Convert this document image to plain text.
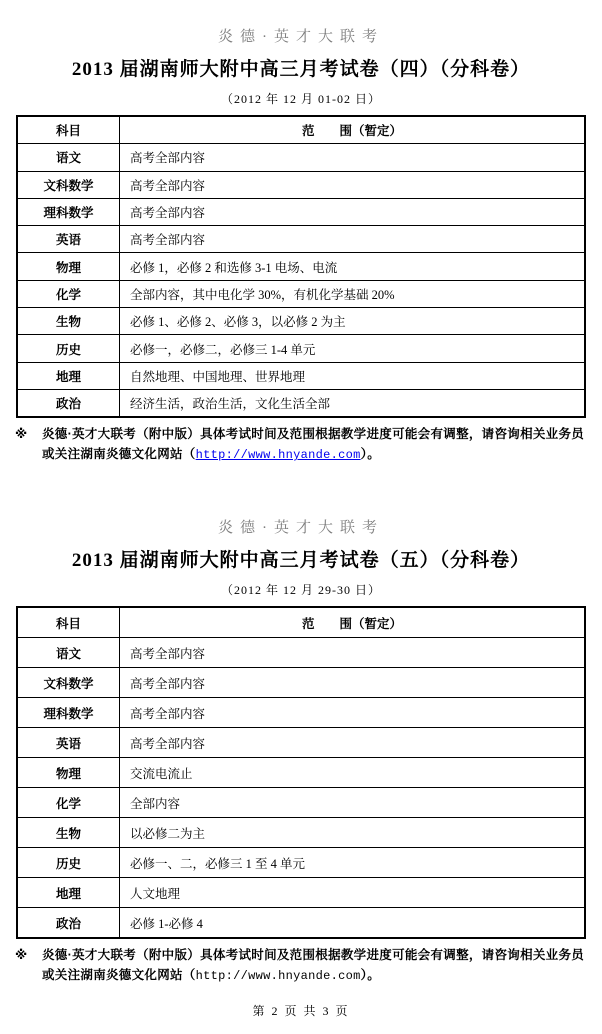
炎德·英才大联考
2013 届湖南师大附中高三月考试卷（四）（分科卷）
（2012 年 12 月 01-02 日）
科目	范　　围（暂定）
语文	高考全部内容
文科数学	高考全部内容
理科数学	高考全部内容
英语	高考全部内容
物理	必修 1，必修 2 和选修 3-1 电场、电流
化学	全部内容，其中电化学 30%，有机化学基础 20%
生物	必修 1、必修 2、必修 3，以必修 2 为主
历史	必修一，必修二，必修三 1-4 单元
地理	自然地理、中国地理、世界地理
政治	经济生活，政治生活，文化生活全部
※ 炎德·英才大联考（附中版）具体考试时间及范围根据教学进度可能会有调整，请咨询相关业务员或关注湖南炎德文化网站（http://www.hnyande.com）。
炎德·英才大联考
2013 届湖南师大附中高三月考试卷（五）（分科卷）
（2012 年 12 月 29-30 日）
科目	范　　围（暂定）
语文	高考全部内容
文科数学	高考全部内容
理科数学	高考全部内容
英语	高考全部内容
物理	交流电流止
化学	全部内容
生物	以必修二为主
历史	必修一、二，必修三 1 至 4 单元
地理	人文地理
政治	必修 1-必修 4
※ 炎德·英才大联考（附中版）具体考试时间及范围根据教学进度可能会有调整，请咨询相关业务员或关注湖南炎德文化网站（http://www.hnyande.com）。
第 2 页 共 3 页
